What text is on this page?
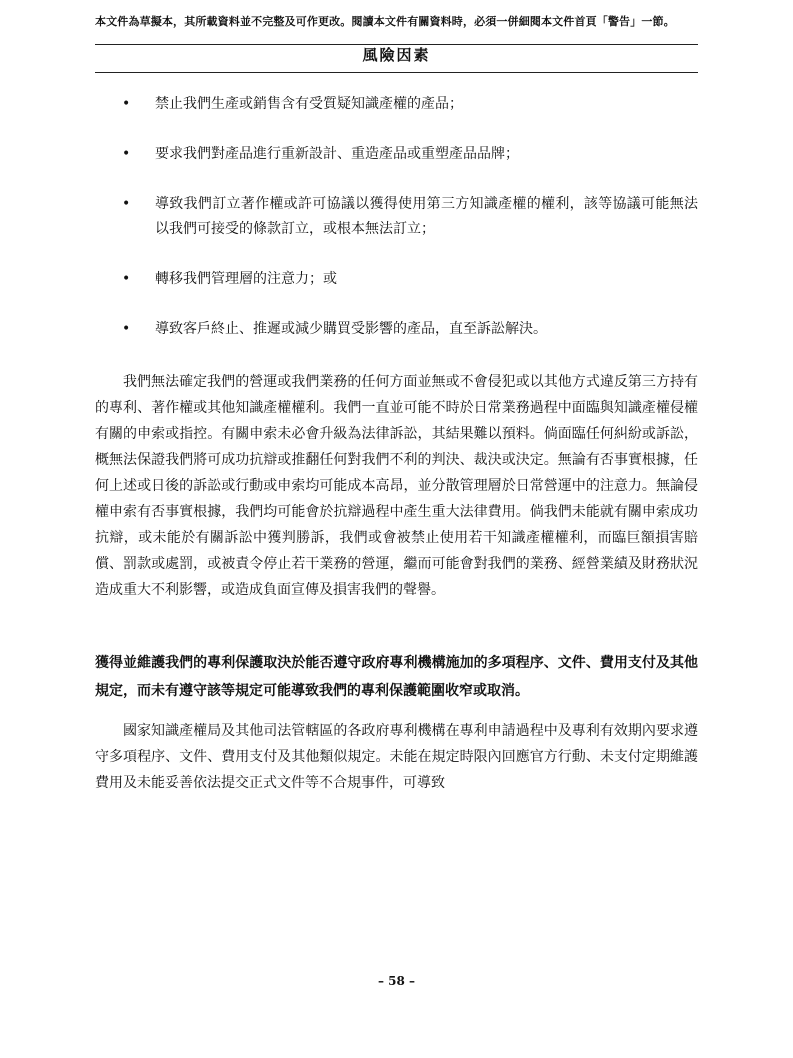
本文件為草擬本，其所載資料並不完整及可作更改。閱讀本文件有關資料時，必須一併細閱本文件首頁「警告」一節。
風險因素
• 禁止我們生產或銷售含有受質疑知識產權的產品；
• 要求我們對產品進行重新設計、重造產品或重塑產品品牌；
• 導致我們訂立著作權或許可協議以獲得使用第三方知識產權的權利，該等協議可能無法以我們可接受的條款訂立，或根本無法訂立；
• 轉移我們管理層的注意力；或
• 導致客戶終止、推遲或減少購買受影響的產品，直至訴訟解決。
我們無法確定我們的營運或我們業務的任何方面並無或不會侵犯或以其他方式違反第三方持有的專利、著作權或其他知識產權權利。我們一直並可能不時於日常業務過程中面臨與知識產權侵權有關的申索或指控。有關申索未必會升級為法律訴訟，其結果難以預料。倘面臨任何糾紛或訴訟，概無法保證我們將可成功抗辯或推翻任何對我們不利的判決、裁決或決定。無論有否事實根據，任何上述或日後的訴訟或行動或申索均可能成本高昂，並分散管理層於日常營運中的注意力。無論侵權申索有否事實根據，我們均可能會於抗辯過程中產生重大法律費用。倘我們未能就有關申索成功抗辯，或未能於有關訴訟中獲判勝訴，我們或會被禁止使用若干知識產權權利，而臨巨額損害賠償、罰款或處罰，或被責令停止若干業務的營運，繼而可能會對我們的業務、經營業績及財務狀況造成重大不利影響，或造成負面宣傳及損害我們的聲譽。
獲得並維護我們的專利保護取決於能否遵守政府專利機構施加的多項程序、文件、費用支付及其他規定，而未有遵守該等規定可能導致我們的專利保護範圍收窄或取消。
國家知識產權局及其他司法管轄區的各政府專利機構在專利申請過程中及專利有效期內要求遵守多項程序、文件、費用支付及其他類似規定。未能在規定時限內回應官方行動、未支付定期維護費用及未能妥善依法提交正式文件等不合規事件，可導致
– 58 –
